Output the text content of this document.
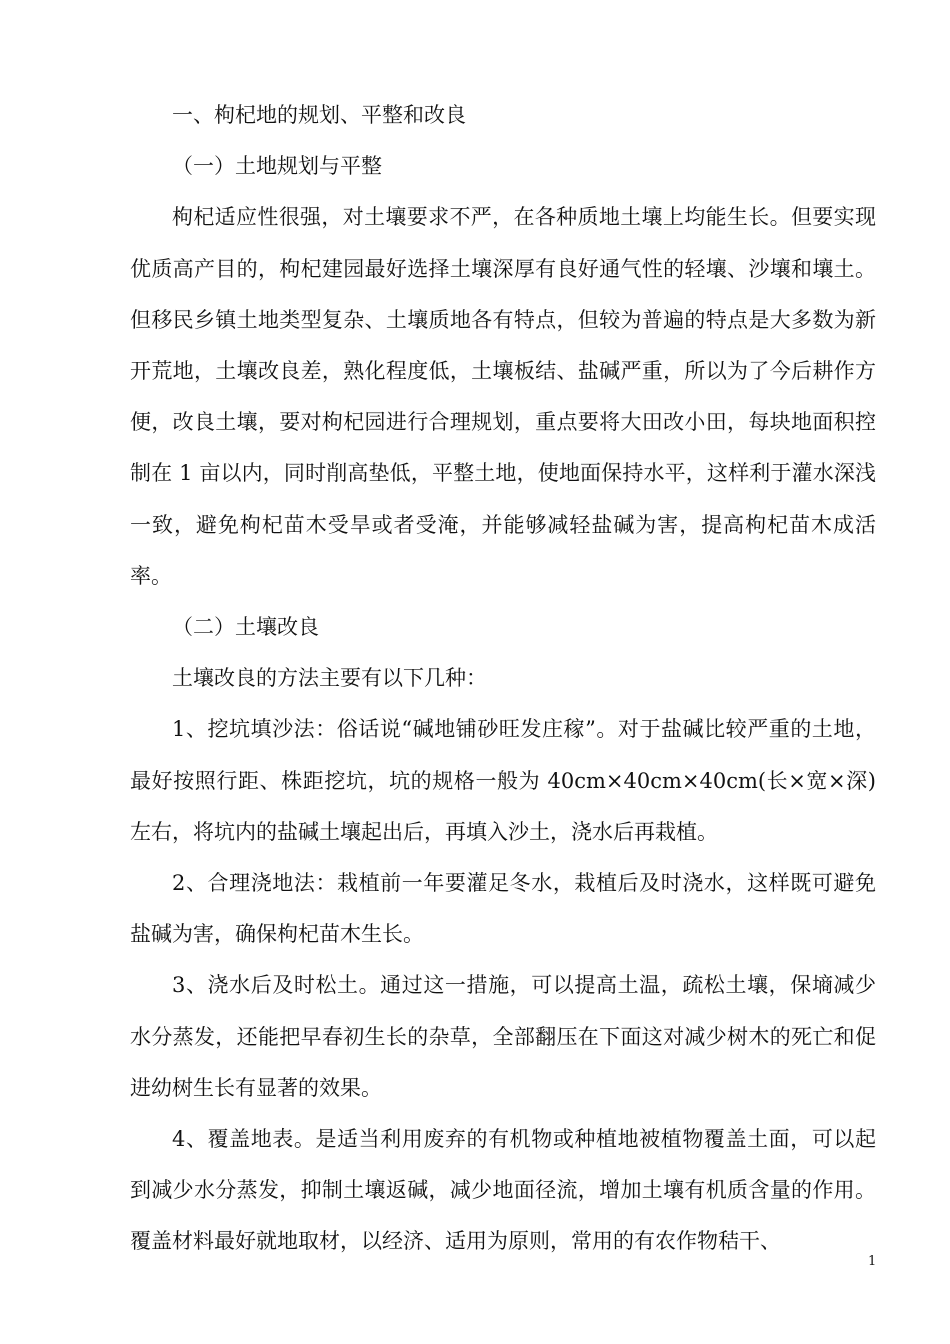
一、枸杞地的规划、平整和改良

（一）土地规划与平整

枸杞适应性很强，对土壤要求不严，在各种质地土壤上均能生长。但要实现优质高产目的，枸杞建园最好选择土壤深厚有良好通气性的轻壤、沙壤和壤土。但移民乡镇土地类型复杂、土壤质地各有特点，但较为普遍的特点是大多数为新开荒地，土壤改良差，熟化程度低，土壤板结、盐碱严重，所以为了今后耕作方便，改良土壤，要对枸杞园进行合理规划，重点要将大田改小田，每块地面积控制在 1 亩以内，同时削高垫低，平整土地，使地面保持水平，这样利于灌水深浅一致，避免枸杞苗木受旱或者受淹，并能够减轻盐碱为害，提高枸杞苗木成活率。

（二）土壤改良

土壤改良的方法主要有以下几种：

1、挖坑填沙法：俗话说“碱地铺砂旺发庄稼”。对于盐碱比较严重的土地，最好按照行距、株距挖坑，坑的规格一般为 40cm×40cm×40cm(长×宽×深)左右，将坑内的盐碱土壤起出后，再填入沙土，浇水后再栽植。

2、合理浇地法：栽植前一年要灌足冬水，栽植后及时浇水，这样既可避免盐碱为害，确保枸杞苗木生长。

3、浇水后及时松土。通过这一措施，可以提高土温，疏松土壤，保墒减少水分蒸发，还能把早春初生长的杂草，全部翻压在下面这对减少树木的死亡和促进幼树生长有显著的效果。

4、覆盖地表。是适当利用废弃的有机物或种植地被植物覆盖土面，可以起到减少水分蒸发，抑制土壤返碱，减少地面径流，增加土壤有机质含量的作用。覆盖材料最好就地取材，以经济、适用为原则，常用的有农作物秸干、

1
